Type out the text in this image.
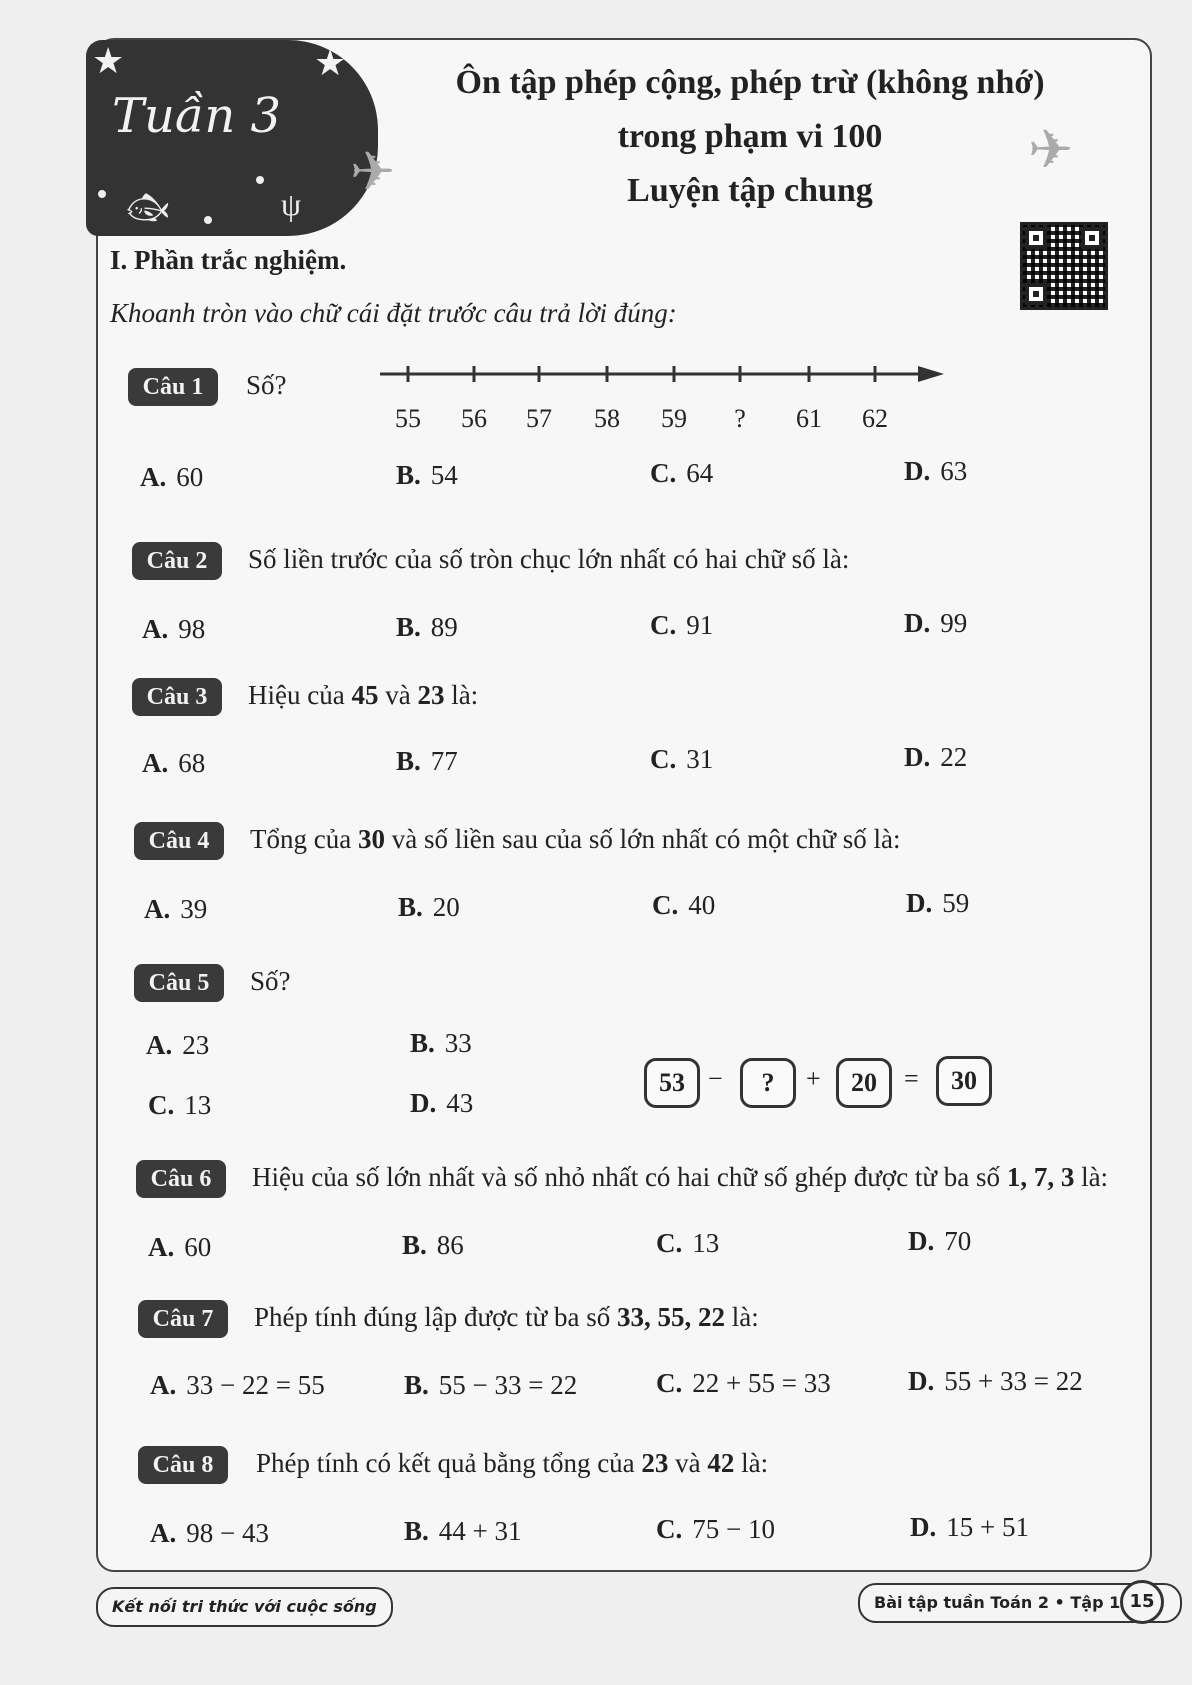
★	★
Tuần 3
🐟︎	ψ
✈︎	✈︎
Ôn tập phép cộng, phép trừ (không nhớ)
trong phạm vi 100
Luyện tập chung
I. Phần trắc nghiệm.
Khoanh tròn vào chữ cái đặt trước câu trả lời đúng:
Câu 1	Số?
55	56	57	58	59	?	61	62
A. 60	B. 54	C. 64	D. 63
Câu 2	Số liền trước của số tròn chục lớn nhất có hai chữ số là:
A. 98	B. 89	C. 91	D. 99
Câu 3	Hiệu của 45 và 23 là:
A. 68	B. 77	C. 31	D. 22
Câu 4	Tổng của 30 và số liền sau của số lớn nhất có một chữ số là:
A. 39	B. 20	C. 40	D. 59
Câu 5	Số?
A. 23	B. 33
C. 13	D. 43
53 −	?	+	20	=	30
Câu 6	Hiệu của số lớn nhất và số nhỏ nhất có hai chữ số ghép được từ ba số 1, 7, 3 là:
A. 60	B. 86	C. 13	D. 70
Câu 7	Phép tính đúng lập được từ ba số 33, 55, 22 là:
A. 33 − 22 = 55	B. 55 − 33 = 22	C. 22 + 55 = 33	D. 55 + 33 = 22
Câu 8	Phép tính có kết quả bằng tổng của 23 và 42 là:
A. 98 − 43	B. 44 + 31	C. 75 − 10	D. 15 + 51
Kết nối tri thức với cuộc sống	Bài tập tuần Toán 2 • Tập 1 15
